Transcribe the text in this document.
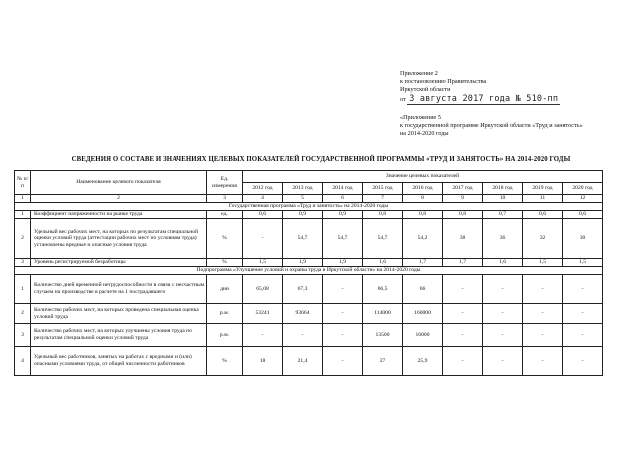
Приложение 2
к постановлению Правительства
Иркутской области
от 3 августа 2017 года № 510-пп
«Приложение 5
к государственной программе Иркутской области «Труд и занятость»
на 2014-2020 годы
СВЕДЕНИЯ О СОСТАВЕ И ЗНАЧЕНИЯХ ЦЕЛЕВЫХ ПОКАЗАТЕЛЕЙ ГОСУДАРСТВЕННОЙ ПРОГРАММЫ «ТРУД И ЗАНЯТОСТЬ» НА 2014-2020 ГОДЫ
№ п/п	Наименование целевого показателя	Ед. измерения	Значение целевых показателей								
			2012 год	2013 год	2014 год	2015 год	2016 год	2017 год	2018 год	2019 год	2020 год
1	2	3	4	5	6	7	8	9	10	11	12
Государственная программа «Труд и занятость» на 2014-2020 годы											
1	Коэффициент напряженности на рынке труда	ед.	0,6	0,9	0,9	0,8	0,8	0,8	0,7	0,6	0,6
2	Удельный вес рабочих мест, на которых по результатам специальной оценки условий труда (аттестации рабочих мест по условиям труда) установлены вредные и опасные условия труда	%	-	54,7	54,7	54,7	54,2	38	36	32	30
3	Уровень регистрируемой безработицы	%	1,5	1,9	1,9	1,6	1,7	1,7	1,6	1,5	1,5
Подпрограмма «Улучшение условий и охраны труда в Иркутской области» на 2014-2020 годы											
1	Количество дней временной нетрудоспособности в связи с несчастным случаем на производстве в расчете на 1 пострадавшего	дни	65,08	67,3	-	66,5	66	-	-	-	-
2	Количество рабочих мест, на которых проведена специальная оценка условий труда	р.м.	53241	93664	-	114000	160000	-	-	-	-
3	Количество рабочих мест, на которых улучшены условия труда по результатам специальной оценки условий труда	р.м.	-	-	-	13500	16000	-	-	-	-
4	Удельный вес работников, занятых на работах с вредными и (или) опасными условиями труда, от общей численности работников	%	18	21,4	-	27	25,9	-	-	-	-
